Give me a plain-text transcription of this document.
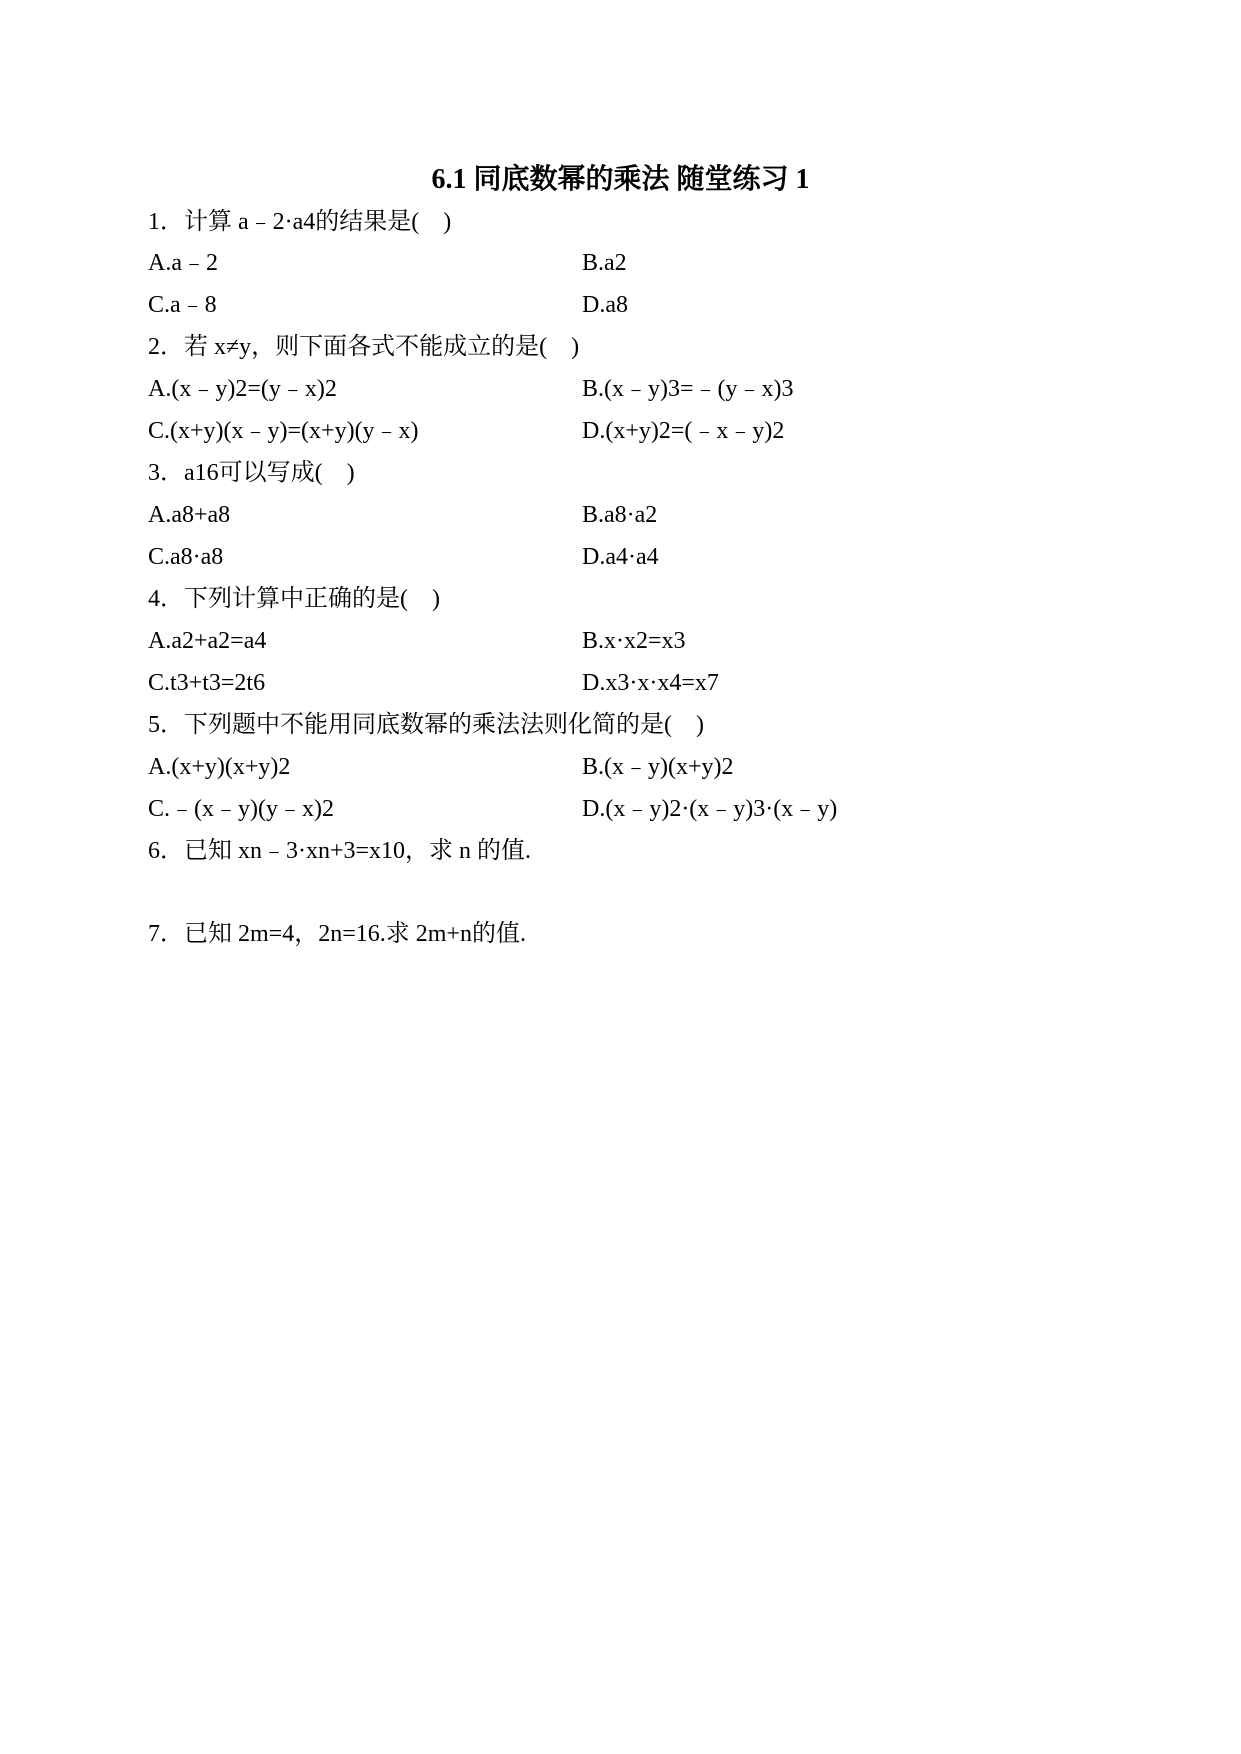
6.1 同底数幂的乘法 随堂练习 1
1．计算 a﹣2·a4的结果是(　)
A.a﹣2	B.a2
C.a﹣8	D.a8
2．若 x≠y，则下面各式不能成立的是(　)
A.(x﹣y)2=(y﹣x)2	B.(x﹣y)3=﹣(y﹣x)3
C.(x+y)(x﹣y)=(x+y)(y﹣x)	D.(x+y)2=(﹣x﹣y)2
3．a16可以写成(　)
A.a8+a8	B.a8·a2
C.a8·a8	D.a4·a4
4．下列计算中正确的是(　)
A.a2+a2=a4	B.x·x2=x3
C.t3+t3=2t6	D.x3·x·x4=x7
5．下列题中不能用同底数幂的乘法法则化简的是(　)
A.(x+y)(x+y)2	B.(x﹣y)(x+y)2
C.﹣(x﹣y)(y﹣x)2	D.(x﹣y)2·(x﹣y)3·(x﹣y)
6．已知 xn﹣3·xn+3=x10，求 n 的值.
7．已知 2m=4，2n=16.求 2m+n的值.
